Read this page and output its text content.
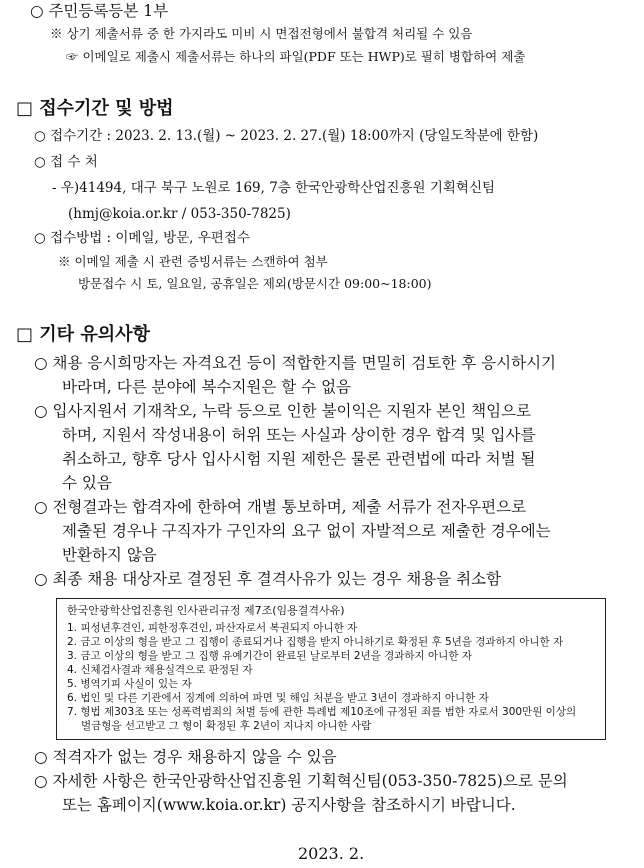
○ 주민등록등본 1부
※ 상기 제출서류 중 한 가지라도 미비 시 면접전형에서 불합격 처리될 수 있음
☞ 이메일로 제출시 제출서류는 하나의 파일(PDF 또는 HWP)로 필히 병합하여 제출
□ 접수기간 및 방법
○ 접수기간 : 2023. 2. 13.(월) ~ 2023. 2. 27.(월) 18:00까지 (당일도착분에 한함)
○ 접 수 처
- 우)41494, 대구 북구 노원로 169, 7층 한국안광학산업진흥원 기획혁신팀
(hmj@koia.or.kr / 053-350-7825)
○ 접수방법 : 이메일, 방문, 우편접수
※ 이메일 제출 시 관련 증빙서류는 스캔하여 첨부
방문접수 시 토, 일요일, 공휴일은 제외(방문시간 09:00~18:00)
□ 기타 유의사항
○ 채용 응시희망자는 자격요건 등이 적합한지를 면밀히 검토한 후 응시하시기
바라며, 다른 분야에 복수지원은 할 수 없음
○ 입사지원서 기재착오, 누락 등으로 인한 불이익은 지원자 본인 책임으로
하며, 지원서 작성내용이 허위 또는 사실과 상이한 경우 합격 및 입사를
취소하고, 향후 당사 입사시험 지원 제한은 물론 관련법에 따라 처벌 될
수 있음
○ 전형결과는 합격자에 한하여 개별 통보하며, 제출 서류가 전자우편으로
제출된 경우나 구직자가 구인자의 요구 없이 자발적으로 제출한 경우에는
반환하지 않음
○ 최종 채용 대상자로 결정된 후 결격사유가 있는 경우 채용을 취소함
한국안광학산업진흥원 인사관리규정 제7조(임용결격사유)
1. 피성년후견인, 피한정후견인, 파산자로서 복권되지 아니한 자
2. 금고 이상의 형을 받고 그 집행이 종료되거나 집행을 받지 아니하기로 확정된 후 5년을 경과하지 아니한 자
3. 금고 이상의 형을 받고 그 집행 유예기간이 완료된 날로부터 2년을 경과하지 아니한 자
4. 신체검사결과 채용실격으로 판정된 자
5. 병역기피 사실이 있는 자
6. 법인 및 다른 기관에서 징계에 의하여 파면 및 해임 처분을 받고 3년이 경과하지 아니한 자
7. 형법 제303조 또는 성폭력범죄의 처벌 등에 관한 특례법 제10조에 규정된 죄를 범한 자로서 300만원 이상의
벌금형을 선고받고 그 형이 확정된 후 2년이 지나지 아니한 사람
○ 적격자가 없는 경우 채용하지 않을 수 있음
○ 자세한 사항은 한국안광학산업진흥원 기획혁신팀(053-350-7825)으로 문의
또는 홈페이지(www.koia.or.kr) 공지사항을 참조하시기 바랍니다.
2023. 2.
